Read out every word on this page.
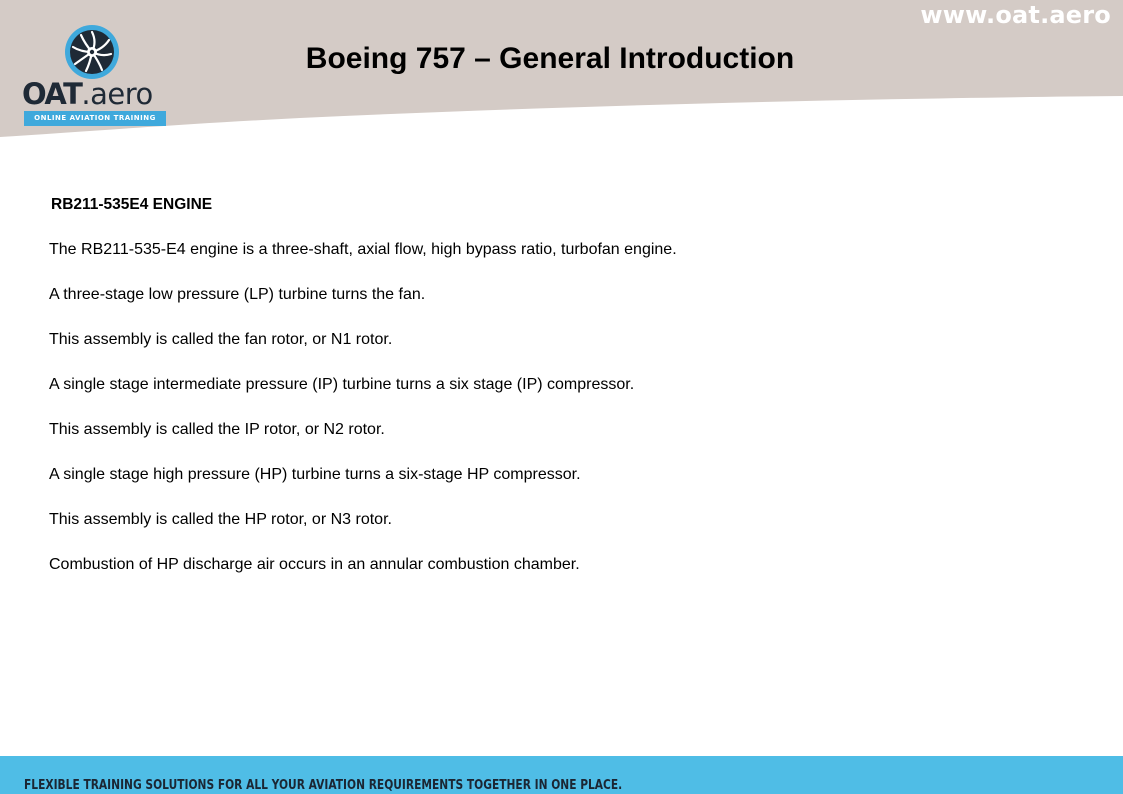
www.oat.aero
OAT.aero
ONLINE AVIATION TRAINING
Boeing 757 – General Introduction

RB211-535E4 ENGINE

The RB211-535-E4 engine is a three-shaft, axial flow, high bypass ratio, turbofan engine.

A three-stage low pressure (LP) turbine turns the fan.

This assembly is called the fan rotor, or N1 rotor.

A single stage intermediate pressure (IP) turbine turns a six stage (IP) compressor.

This assembly is called the IP rotor, or N2 rotor.

A single stage high pressure (HP) turbine turns a six-stage HP compressor.

This assembly is called the HP rotor, or N3 rotor.

Combustion of HP discharge air occurs in an annular combustion chamber.

FLEXIBLE TRAINING SOLUTIONS FOR ALL YOUR AVIATION REQUIREMENTS TOGETHER IN ONE PLACE.
